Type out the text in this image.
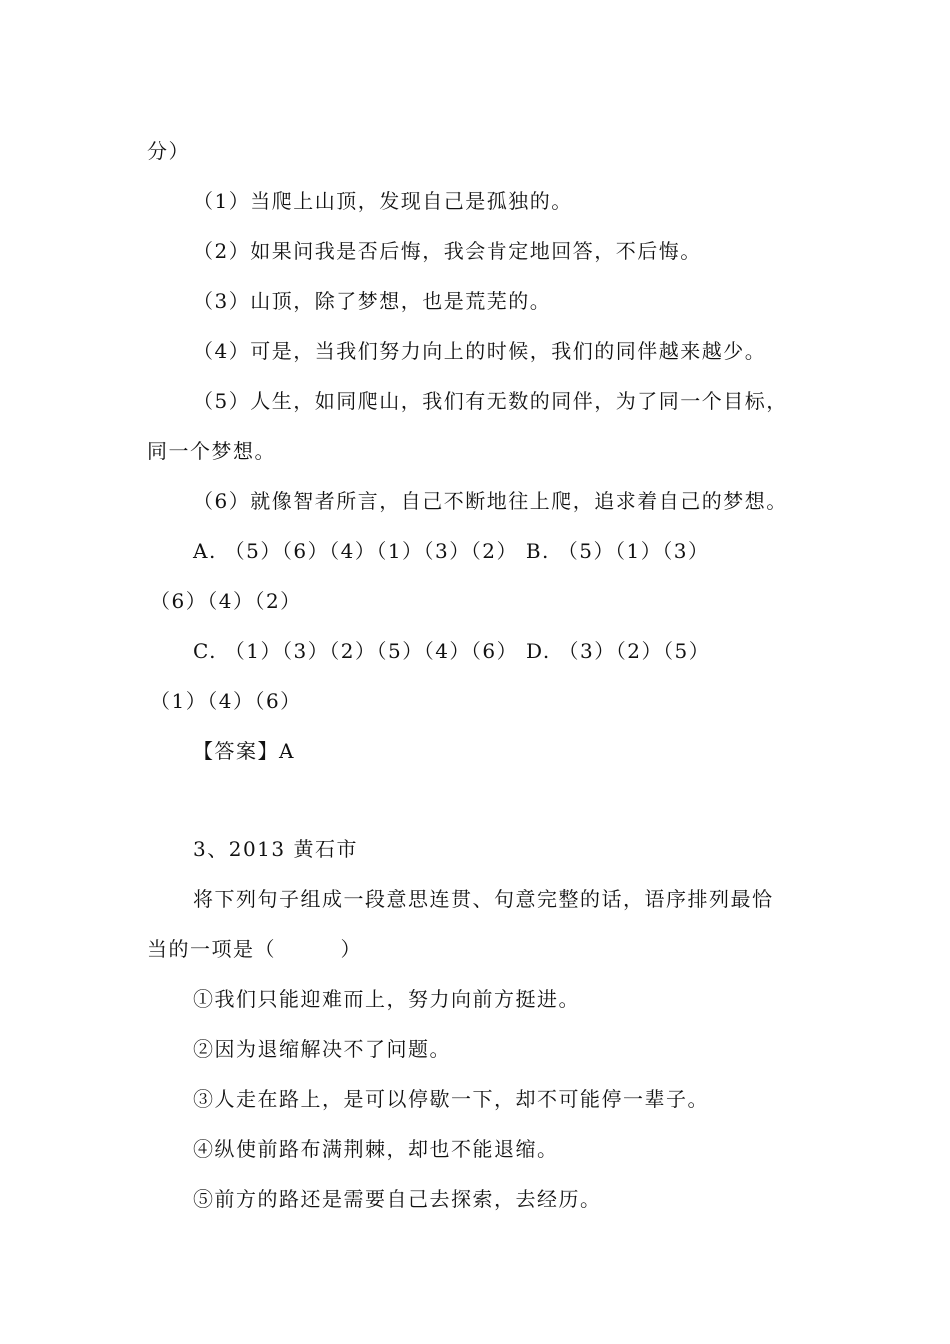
分）
（1）当爬上山顶，发现自己是孤独的。
（2）如果问我是否后悔，我会肯定地回答，不后悔。
（3）山顶，除了梦想，也是荒芜的。
（4）可是，当我们努力向上的时候，我们的同伴越来越少。
（5）人生，如同爬山，我们有无数的同伴，为了同一个目标，
同一个梦想。
（6）就像智者所言，自己不断地往上爬，追求着自己的梦想。
A. （5）（6）（4）（1）（3）（2） B. （5）（1）（3）
（6）（4）（2）
C. （1）（3）（2）（5）（4）（6） D. （3）（2）（5）
（1）（4）（6）
【答案】A
3、2013 黄石市
将下列句子组成一段意思连贯、句意完整的话，语序排列最恰
当的一项是（　　　）
①我们只能迎难而上，努力向前方挺进。
②因为退缩解决不了问题。
③人走在路上，是可以停歇一下，却不可能停一辈子。
④纵使前路布满荆棘，却也不能退缩。
⑤前方的路还是需要自己去探索，去经历。
